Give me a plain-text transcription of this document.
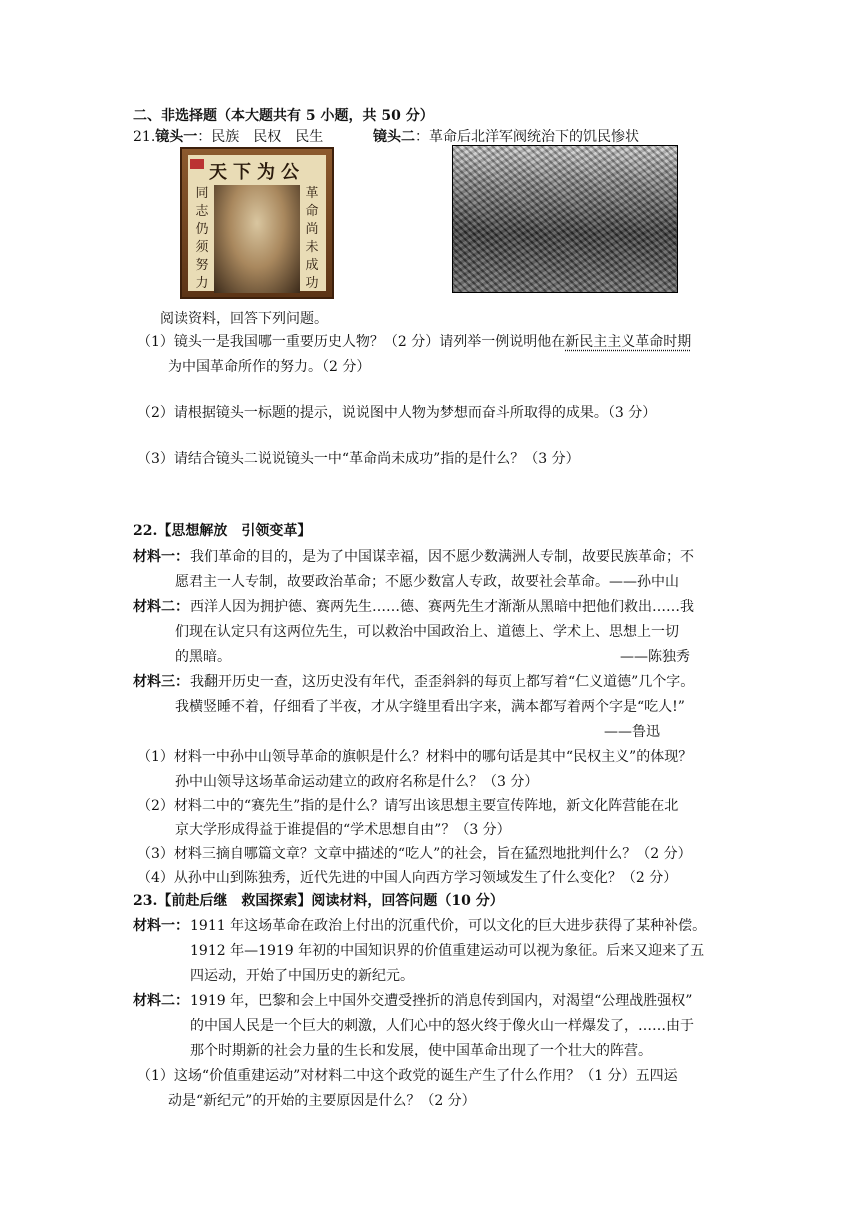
二、非选择题（本大题共有 5 小题，共 50 分）
21.镜头一：民族　民权　民生	镜头二：革命后北洋军阀统治下的饥民惨状
天下为公
同
志
仍
须
努
力
革
命
尚
未
成
功
阅读资料，回答下列问题。
（1）镜头一是我国哪一重要历史人物？（2 分）请列举一例说明他在新民主主义革命时期
为中国革命所作的努力。（2 分）
（2）请根据镜头一标题的提示，说说图中人物为梦想而奋斗所取得的成果。（3 分）
（3）请结合镜头二说说镜头一中“革命尚未成功”指的是什么？（3 分）
22.【思想解放　引领变革】
材料一： 我们革命的目的，是为了中国谋幸福，因不愿少数满洲人专制，故要民族革命；不
愿君主一人专制，故要政治革命；不愿少数富人专政，故要社会革命。——孙中山
材料二： 西洋人因为拥护德、赛两先生……德、赛两先生才渐渐从黑暗中把他们救出……我
们现在认定只有这两位先生，可以救治中国政治上、道德上、学术上、思想上一切
的黑暗。	——陈独秀
材料三： 我翻开历史一查，这历史没有年代，歪歪斜斜的每页上都写着“仁义道德”几个字。
我横竖睡不着，仔细看了半夜，才从字缝里看出字来，满本都写着两个字是“吃人!”
——鲁迅
（1）材料一中孙中山领导革命的旗帜是什么？材料中的哪句话是其中“民权主义”的体现？
孙中山领导这场革命运动建立的政府名称是什么？（3 分）
（2）材料二中的“赛先生”指的是什么？请写出该思想主要宣传阵地，新文化阵营能在北
京大学形成得益于谁提倡的“学术思想自由”？（3 分）
（3）材料三摘自哪篇文章？文章中描述的“吃人”的社会，旨在猛烈地批判什么？（2 分）
（4）从孙中山到陈独秀，近代先进的中国人向西方学习领域发生了什么变化？（2 分）
23.【前赴后继　救国探索】阅读材料，回答问题（10 分）
材料一： 1911 年这场革命在政治上付出的沉重代价，可以文化的巨大进步获得了某种补偿。
1912 年—1919 年初的中国知识界的价值重建运动可以视为象征。后来又迎来了五
四运动，开始了中国历史的新纪元。
材料二： 1919 年，巴黎和会上中国外交遭受挫折的消息传到国内，对渴望“公理战胜强权”
的中国人民是一个巨大的刺激，人们心中的怒火终于像火山一样爆发了，……由于
那个时期新的社会力量的生长和发展，使中国革命出现了一个壮大的阵营。
（1）这场“价值重建运动”对材料二中这个政党的诞生产生了什么作用？（1 分）五四运
动是“新纪元”的开始的主要原因是什么？（2 分）
